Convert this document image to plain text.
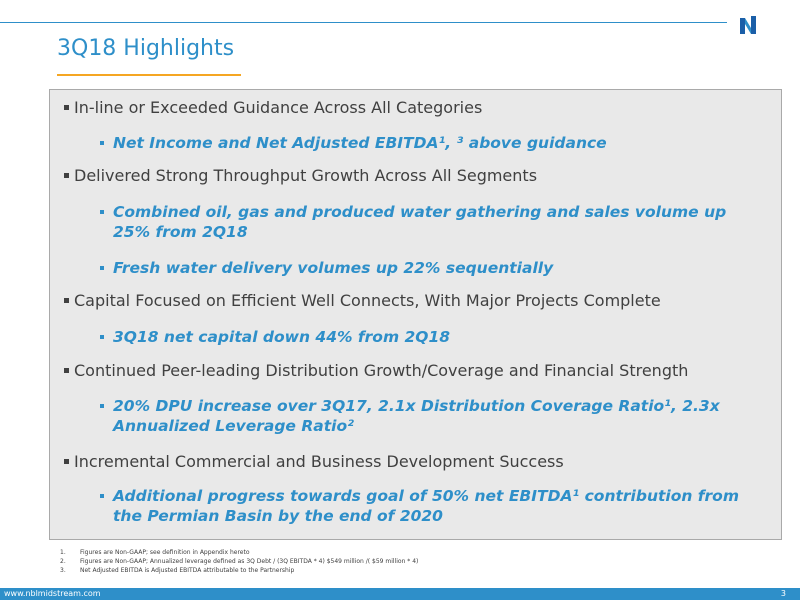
3Q18 Highlights
In-line or Exceeded Guidance Across All Categories
Net Income and Net Adjusted EBITDA¹, ³ above guidance
Delivered Strong Throughput Growth Across All Segments
Combined oil, gas and produced water gathering and sales volume up 25% from 2Q18
Fresh water delivery volumes up 22% sequentially
Capital Focused on Efficient Well Connects, With Major Projects Complete
3Q18 net capital down 44% from 2Q18
Continued Peer-leading Distribution Growth/Coverage and Financial Strength
20% DPU increase over 3Q17, 2.1x Distribution Coverage Ratio¹, 2.3x Annualized Leverage Ratio²
Incremental Commercial and Business Development Success
Additional progress towards goal of 50% net EBITDA¹ contribution from the Permian Basin by the end of 2020
1. Figures are Non-GAAP; see definition in Appendix hereto
2. Figures are Non-GAAP; Annualized leverage defined as 3Q Debt / (3Q EBITDA * 4) $549 million /( $59 million * 4)
3. Net Adjusted EBITDA is Adjusted EBITDA attributable to the Partnership
www.nblmidstream.com	3
